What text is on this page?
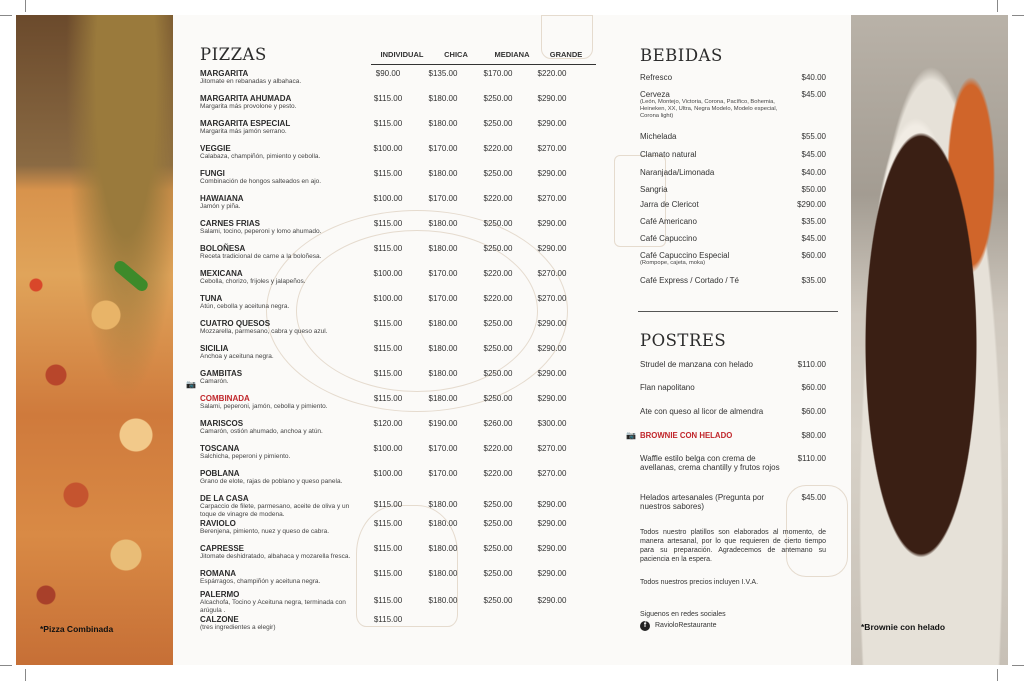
*Pizza Combinada	*Brownie con helado
PIZZAS	INDIVIDUAL	CHICA	MEDIANA	GRANDE
MARGARITA
Jitomate en rebanadas y albahaca.
$90.00	$135.00	$170.00	$220.00
MARGARITA AHUMADA
Margarita más provolone y pesto.
$115.00	$180.00	$250.00	$290.00
MARGARITA ESPECIAL
Margarita más jamón serrano.
$115.00	$180.00	$250.00	$290.00
VEGGIE
Calabaza, champiñón, pimiento y cebolla.
$100.00	$170.00	$220.00	$270.00
FUNGI
Combinación de hongos salteados en ajo.
$115.00	$180.00	$250.00	$290.00
HAWAIANA
Jamón y piña.
$100.00	$170.00	$220.00	$270.00
CARNES FRIAS
Salami, tocino, peperoni y lomo ahumado.
$115.00	$180.00	$250.00	$290.00
BOLOÑESA
Receta tradicional de carne a la boloñesa.
$115.00	$180.00	$250.00	$290.00
MEXICANA
Cebolla, chorizo, frijoles y jalapeños.
$100.00	$170.00	$220.00	$270.00
TUNA
Atún, cebolla y aceituna negra.
$100.00	$170.00	$220.00	$270.00
CUATRO QUESOS
Mozzarella, parmesano, cabra y queso azul.
$115.00	$180.00	$250.00	$290.00
SICILIA
Anchoa y aceituna negra.
$115.00	$180.00	$250.00	$290.00
GAMBITAS
Camarón.
$115.00	$180.00	$250.00	$290.00
COMBINADA
Salami, peperoni, jamón, cebolla y pimiento.
$115.00	$180.00	$250.00	$290.00
MARISCOS
Camarón, ostión ahumado, anchoa y atún.
$120.00	$190.00	$260.00	$300.00
TOSCANA
Salchicha, peperoni y pimiento.
$100.00	$170.00	$220.00	$270.00
POBLANA
Grano de elote, rajas de poblano y queso panela.
$100.00	$170.00	$220.00	$270.00
DE LA CASA
Carpaccio de filete, parmesano, aceite de oliva y un toque de vinagre de modena.
$115.00	$180.00	$250.00	$290.00
RAVIOLO
Berenjena, pimiento, nuez y queso de cabra.
$115.00	$180.00	$250.00	$290.00
CAPRESSE
Jitomate deshidratado, albahaca y mozarella fresca.
$115.00	$180.00	$250.00	$290.00
ROMANA
Espárragos, champiñón y aceituna negra.
$115.00	$180.00	$250.00	$290.00
PALERMO
Alcachofa, Tocino y Aceituna negra, terminada con arúgula .
$115.00	$180.00	$250.00	$290.00
CALZONE
(tres ingredientes a elegir)
$115.00
📷
BEBIDAS
Refresco	$40.00
Cerveza
(León, Montejo, Victoria, Corona, Pacífico, Bohemia, Heineken, XX, Ultra, Negra Modelo, Modelo especial, Corona light)
$45.00
Michelada	$55.00
Clamato natural	$45.00
Naranjada/Limonada	$40.00
Sangria	$50.00
Jarra de Clericot	$290.00
Café Americano	$35.00
Café Capuccino	$45.00
Café Capuccino Especial
(Rompope, cajeta, moka)
$60.00
Café Express / Cortado / Té	$35.00
POSTRES
Strudel de manzana con helado	$110.00
Flan napolitano	$60.00
Ate con queso al licor de almendra	$60.00
BROWNIE CON HELADO	$80.00
Waffle estilo belga con crema de avellanas, crema chantilly y frutos rojos
$110.00
Helados artesanales (Pregunta por nuestros sabores)
$45.00
📷
Todos nuestro platillos son elaborados al momento, de manera artesanal, por lo que requieren de cierto tiempo para su preparación. Agradecemos de antemano su paciencia en la espera.
Todos nuestros precios incluyen I.V.A.
Siguenos en redes sociales
f	RavioloRestaurante
